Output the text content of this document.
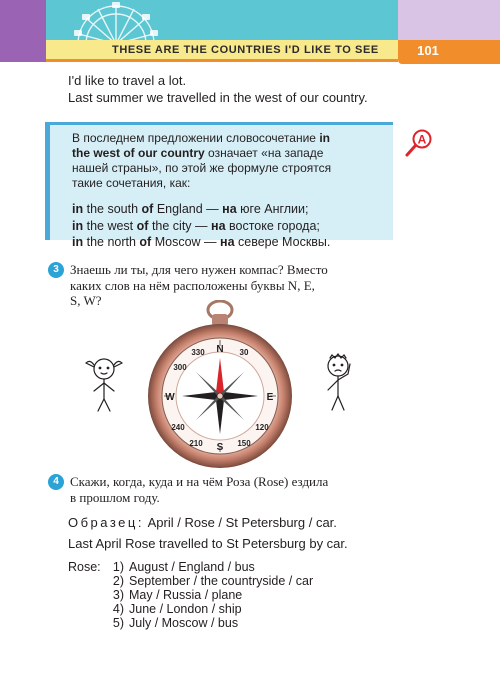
THESE ARE THE COUNTRIES I'D LIKE TO SEE	101
I'd like to travel a lot.
Last summer we travelled in the west of our country.
В последнем предложении словосочетание in
the west of our country означает «на западе
нашей страны», по этой же формуле строятся
такие сочетания, как:
in the south of England — на юге Англии;
in the west of the city — на востоке города;
in the north of Moscow — на севере Москвы.
A
3 Знаешь ли ты, для чего нужен компас? Вместо
каких слов на нём расположены буквы N, E,
S, W?
330 N
300
W
240
210 S 150
120
E
30
4 Скажи, когда, куда и на чём Роза (Rose) ездила
в прошлом году.
Образец: April / Rose / St Petersburg / car.
Last April Rose travelled to St Petersburg by car.
Rose: 1) August / England / bus
2) September / the countryside / car
3) May / Russia / plane
4) June / London / ship
5) July / Moscow / bus
